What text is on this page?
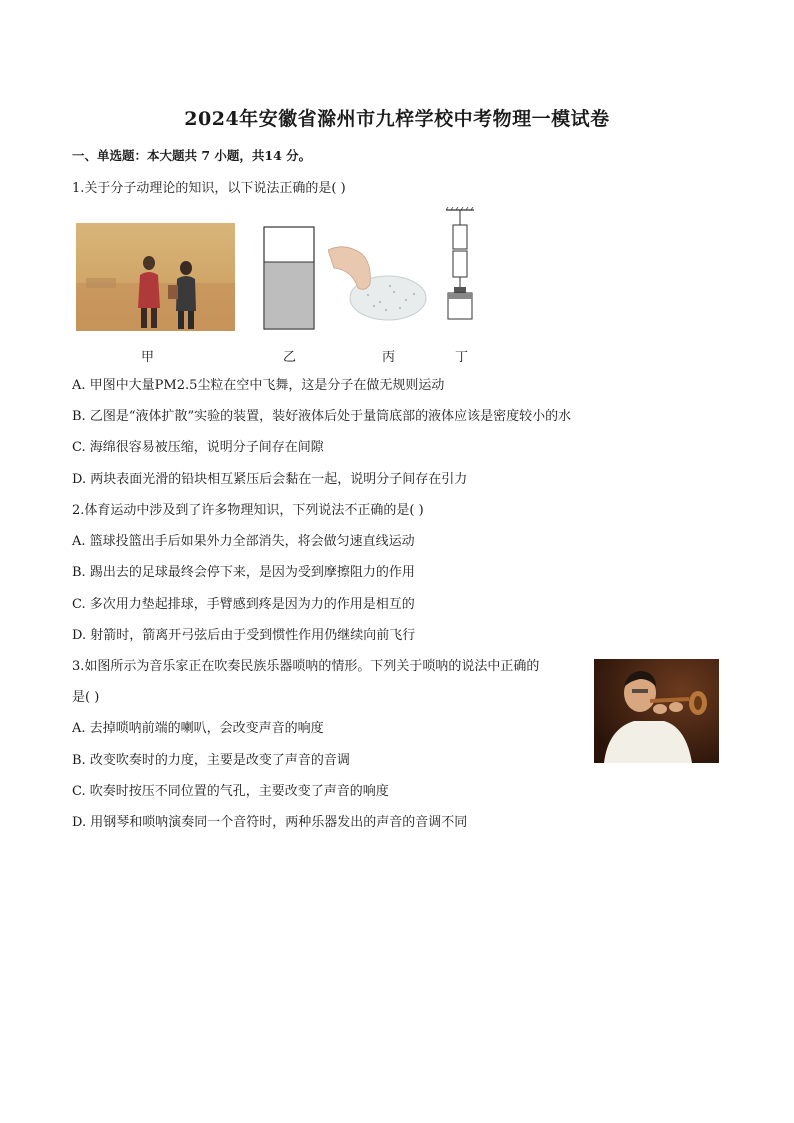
2024年安徽省滁州市九梓学校中考物理一模试卷
一、单选题：本大题共 7 小题，共14 分。
1.关于分子动理论的知识，以下说法正确的是( )
甲	乙	丙	丁
A. 甲图中大量PM2.5尘粒在空中飞舞，这是分子在做无规则运动
B. 乙图是“液体扩散”实验的装置，装好液体后处于量筒底部的液体应该是密度较小的水
C. 海绵很容易被压缩，说明分子间存在间隙
D. 两块表面光滑的铅块相互紧压后会黏在一起，说明分子间存在引力
2.体育运动中涉及到了许多物理知识，下列说法不正确的是( )
A. 篮球投篮出手后如果外力全部消失，将会做匀速直线运动
B. 踢出去的足球最终会停下来，是因为受到摩擦阻力的作用
C. 多次用力垫起排球，手臂感到疼是因为力的作用是相互的
D. 射箭时，箭离开弓弦后由于受到惯性作用仍继续向前飞行
3.如图所示为音乐家正在吹奏民族乐器唢呐的情形。下列关于唢呐的说法中正确的
是( )
A. 去掉唢呐前端的喇叭，会改变声音的响度
B. 改变吹奏时的力度，主要是改变了声音的音调
C. 吹奏时按压不同位置的气孔，主要改变了声音的响度
D. 用钢琴和唢呐演奏同一个音符时，两种乐器发出的声音的音调不同
